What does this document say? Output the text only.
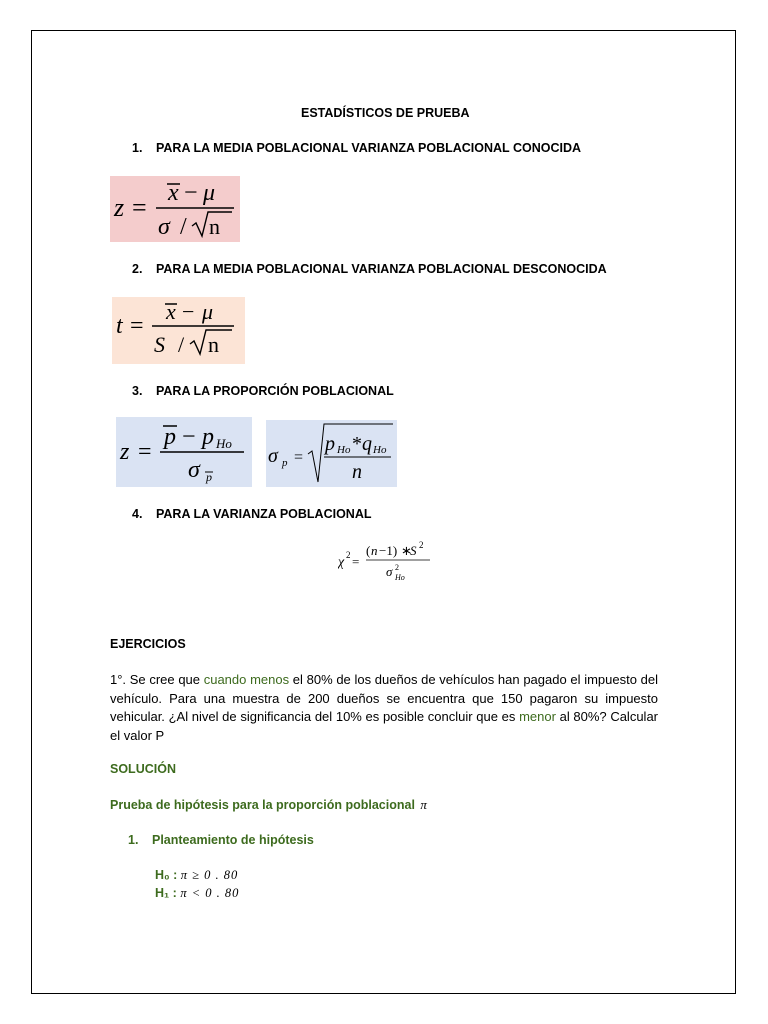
ESTADÍSTICOS DE PRUEBA
1. PARA LA MEDIA POBLACIONAL VARIANZA POBLACIONAL CONOCIDA
z = x − μ
σ / n
2. PARA LA MEDIA POBLACIONAL VARIANZA POBLACIONAL DESCONOCIDA
t =
x − μ
S / n
3. PARA LA PROPORCIÓN POBLACIONAL
z =
p − p Ho
σ p
σ p =
p Ho * q Ho
n
4. PARA LA VARIANZA POBLACIONAL
χ 2 =
( n −1) ∗
S 2
σ 2
Ho
EJERCICIOS
1°. Se cree que cuando menos el 80% de los dueños de vehículos han pagado el impuesto del vehículo. Para una muestra de 200 dueños se encuentra que 150 pagaron su impuesto vehicular. ¿Al nivel de significancia del 10% es posible concluir que es menor al 80%? Calcular el valor P
SOLUCIÓN
Prueba de hipótesis para la proporción poblacional π
1. Planteamiento de hipótesis
H₀ : π ≥ 0 . 80
H₁ : π < 0 . 80
